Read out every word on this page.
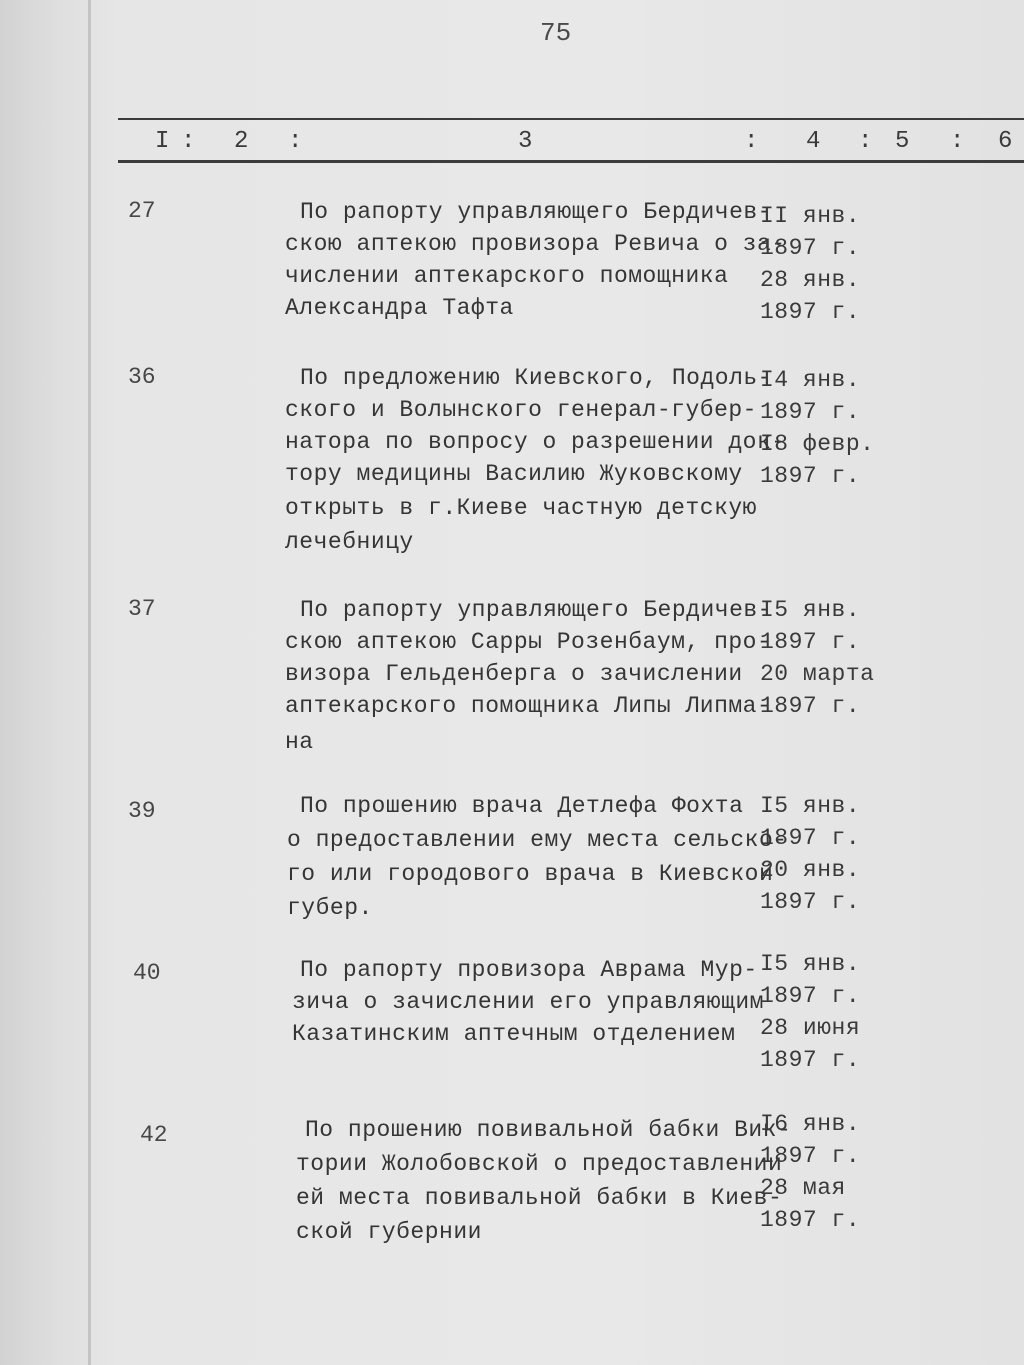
75
I : 2 :	3	: 4 : 5 : 6
27	По рапорту управляющего Бердичев-
скою аптекою провизора Ревича о за-
числении аптекарского помощника
Александра Тафта
II янв.
1897 г.
28 янв.
1897 г.
36	По предложению Киевского, Подоль-
ского и Волынского генерал-губер-
натора по вопросу о разрешении док-
тору медицины Василию Жуковскому
открыть в г.Киеве частную детскую
лечебницу
I4 янв.
1897 г.
I8 февр.
1897 г.
37	По рапорту управляющего Бердичев-
скою аптекою Сарры Розенбаум, про-
визора Гельденберга о зачислении
аптекарского помощника Липы Липма-
на
I5 янв.
1897 г.
20 марта
1897 г.
39	По прошению врача Детлефа Фохта
о предоставлении ему места сельско-
го или городового врача в Киевской
губер.
I5 янв.
1897 г.
20 янв.
1897 г.
40	По рапорту провизора Аврама Мур-
зича о зачислении его управляющим
Казатинским аптечным отделением
I5 янв.
1897 г.
28 июня
1897 г.
42	По прошению повивальной бабки Вик-
тории Жолобовской о предоставлении
ей места повивальной бабки в Киев-
ской губернии
I6 янв.
1897 г.
28 мая
1897 г.
